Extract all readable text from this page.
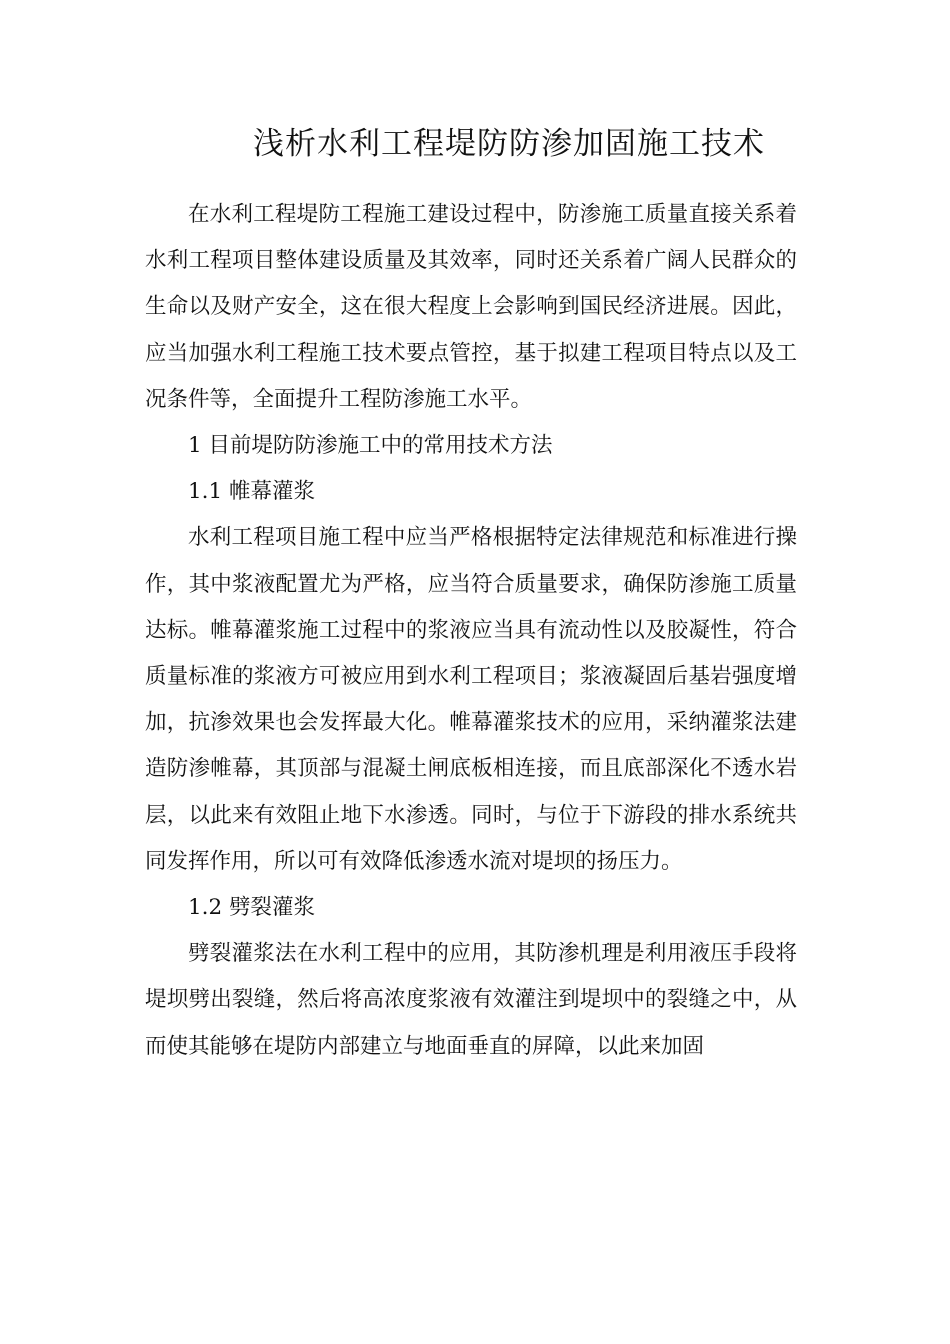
浅析水利工程堤防防渗加固施工技术

在水利工程堤防工程施工建设过程中，防渗施工质量直接关系着水利工程项目整体建设质量及其效率，同时还关系着广阔人民群众的生命以及财产安全，这在很大程度上会影响到国民经济进展。因此，应当加强水利工程施工技术要点管控，基于拟建工程项目特点以及工况条件等，全面提升工程防渗施工水平。

1 目前堤防防渗施工中的常用技术方法

1.1 帷幕灌浆

水利工程项目施工程中应当严格根据特定法律规范和标准进行操作，其中浆液配置尤为严格，应当符合质量要求，确保防渗施工质量达标。帷幕灌浆施工过程中的浆液应当具有流动性以及胶凝性，符合质量标准的浆液方可被应用到水利工程项目；浆液凝固后基岩强度增加，抗渗效果也会发挥最大化。帷幕灌浆技术的应用，采纳灌浆法建造防渗帷幕，其顶部与混凝土闸底板相连接，而且底部深化不透水岩层，以此来有效阻止地下水渗透。同时，与位于下游段的排水系统共同发挥作用，所以可有效降低渗透水流对堤坝的扬压力。

1.2 劈裂灌浆

劈裂灌浆法在水利工程中的应用，其防渗机理是利用液压手段将堤坝劈出裂缝，然后将高浓度浆液有效灌注到堤坝中的裂缝之中，从而使其能够在堤防内部建立与地面垂直的屏障，以此来加固
